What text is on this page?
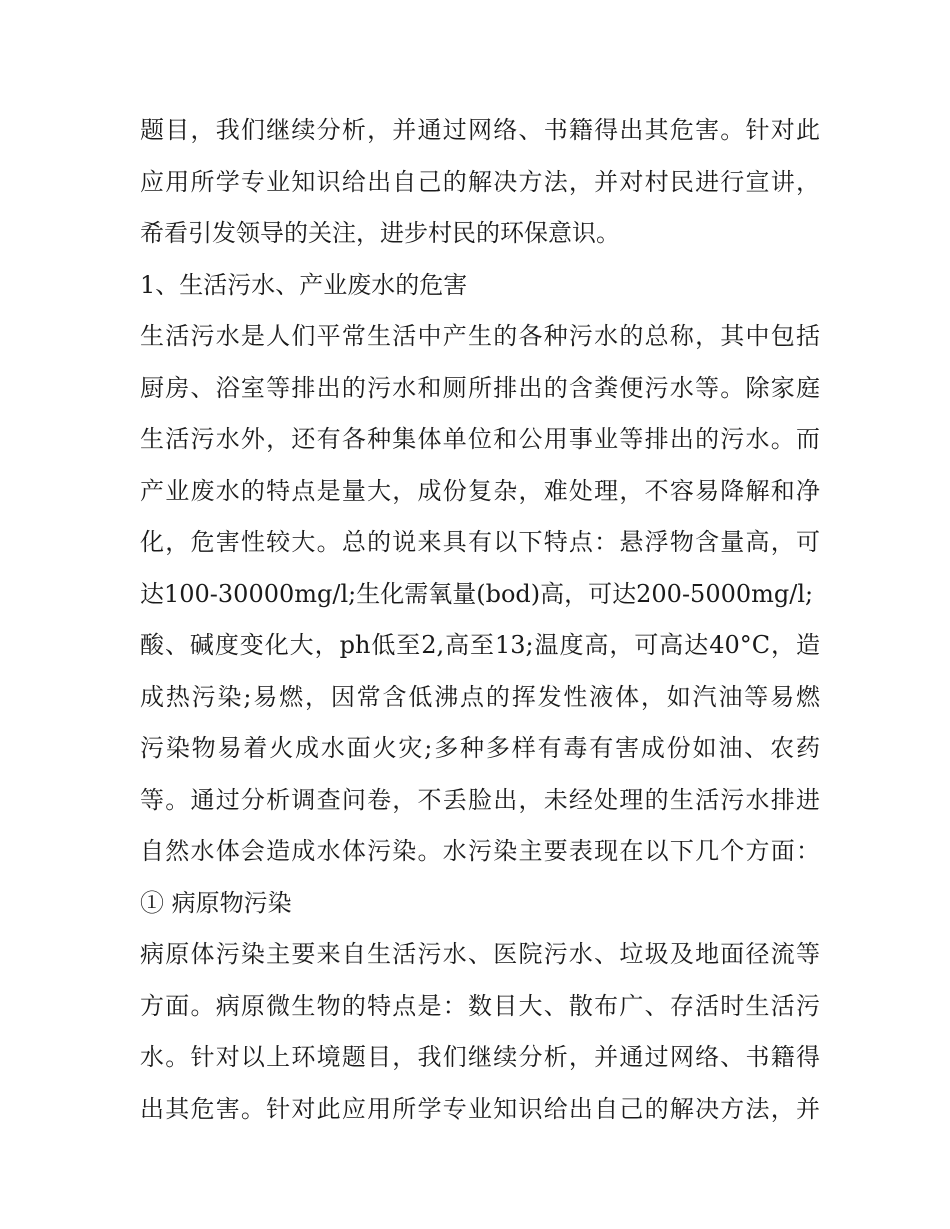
题目，我们继续分析，并通过网络、书籍得出其危害。针对此
应用所学专业知识给出自己的解决方法，并对村民进行宣讲，
希看引发领导的关注，进步村民的环保意识。
1、生活污水、产业废水的危害
生活污水是人们平常生活中产生的各种污水的总称，其中包括
厨房、浴室等排出的污水和厕所排出的含粪便污水等。除家庭
生活污水外，还有各种集体单位和公用事业等排出的污水。而
产业废水的特点是量大，成份复杂，难处理，不容易降解和净
化，危害性较大。总的说来具有以下特点：悬浮物含量高，可
达100-30000mg/l;生化需氧量(bod)高，可达200-5000mg/l;
酸、碱度变化大，ph低至2,高至13;温度高，可高达40°C，造
成热污染;易燃，因常含低沸点的挥发性液体，如汽油等易燃
污染物易着火成水面火灾;多种多样有毒有害成份如油、农药
等。通过分析调查问卷，不丢脸出，未经处理的生活污水排进
自然水体会造成水体污染。水污染主要表现在以下几个方面：
① 病原物污染
病原体污染主要来自生活污水、医院污水、垃圾及地面径流等
方面。病原微生物的特点是：数目大、散布广、存活时生活污
水。针对以上环境题目，我们继续分析，并通过网络、书籍得
出其危害。针对此应用所学专业知识给出自己的解决方法，并
